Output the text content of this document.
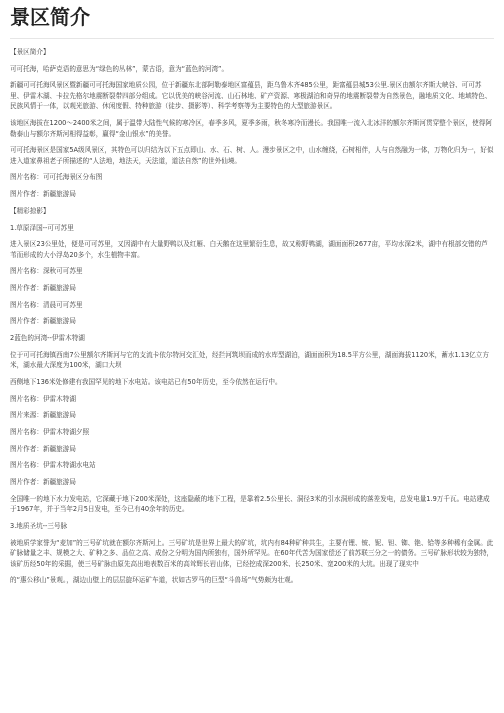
景区简介

【景区简介】

可可托海，哈萨克语的意思为“绿色的丛林”，蒙古语，意为“蓝色的河湾”。

新疆可可托海风景区暨新疆可可托海国家地质公园，位于新疆东北部阿勒泰地区富蕴县，距乌鲁木齐485公里，距富蕴县城53公里.景区由额尔齐斯大峡谷、可可苏里、伊雷木湖、卡拉先格尔地震断裂带四部分组成。它以优美的峡谷河流、山石林地、矿产资源、寒极湖泊和奇异的地震断裂带为自然景色，融地质文化、地域特色、民族风情于一体，以观光旅游、休闲度假、特种旅游（徒步、摄影等）、科学考察等为主要特色的大型旅游景区。

该地区海拔在1200～2400米之间，属于温带大陆性气候的寒冷区，春季多风，夏季多雨，秋冬寒冷而漫长。我国唯一流入北冰洋的额尔齐斯河贯穿整个景区，使得阿勒泰山与额尔齐斯河相得益彰，赢得“金山银水”的美誉。

可可托海景区是国家5A级风景区，其特色可以归结为以下五点即山、水、石、树、人。漫步景区之中，山水缠绕，石树相伴，人与自然融为一体，万物化归为一，好似进入道家鼻祖老子所描述的“人法地，地法天，天法道，道法自然”的世外仙境。

图片名称：可可托海景区分布图

图片作者：新疆旅游局

【精彩掠影】

1.草原泽国--可可苏里

进入景区23公里处，便是可可苏里，又因湖中有大量野鸭以及红雁、白天鹅在这里繁衍生息，故又称野鸭湖，湖面面积2677亩，平均水深2米，湖中有根部交错的芦苇而形成的大小浮岛20多个，水生植物丰富。

图片名称：深秋可可苏里

图片作者：新疆旅游局

图片名称：清晨可可苏里

图片作者：新疆旅游局

2蓝色的河湾--伊雷木特湖

位于可可托海镇西南7公里额尔齐斯河与它的支流卡依尔特河交汇处，经拦河筑坝而成的水库型湖泊，湖面面积为18.5平方公里，湖面海拔1120米，蓄水1.13亿立方米，湖水最大深度为100米，湖口大坝

西侧地下136米处修建有我国罕见的地下水电站。该电站已有50年历史，至今依然在运行中。

图片名称：伊雷木特湖

图片来源：新疆旅游局

图片名称：伊雷木特湖夕照

图片作者：新疆旅游局

图片名称：伊雷木特湖水电站

图片作者：新疆旅游局

全国唯一的地下水力发电站，它深藏于地下200米深处，这座隐蔽的地下工程，是靠着2.5公里长、洞径3米的引水洞形成的落差发电，总发电量1.9万千瓦。电站建成于1967年，并于当年2月5日发电，至今已有40余年的历史。

3.地质圣坑--三号脉

被地质学家誉为“麦加”的三号矿坑就在额尔齐斯河上。三号矿坑是世界上最大的矿坑，坑内有84种矿种共生，主要有锂、铍、铌、钽、铷、铯、铪等多种稀有金属。此矿脉储量之丰、规模之大、矿种之多、品位之高、成份之分明为国内所独有，国外所罕见。在60年代苦为国家偿还了前苏联三分之一的债务。三号矿脉形状较为独特，该矿历经50年的采掘，使三号矿脉由原先高出地表数百米的高耸辉长岩山体，已经挖成深200米、长250米、宽200米的大坑。出现了现实中

的“惠公移山”景观。，湖边山壁上的层层旋环运矿车道，状如古罗马的巨型“斗兽场”气势颇为壮观。
